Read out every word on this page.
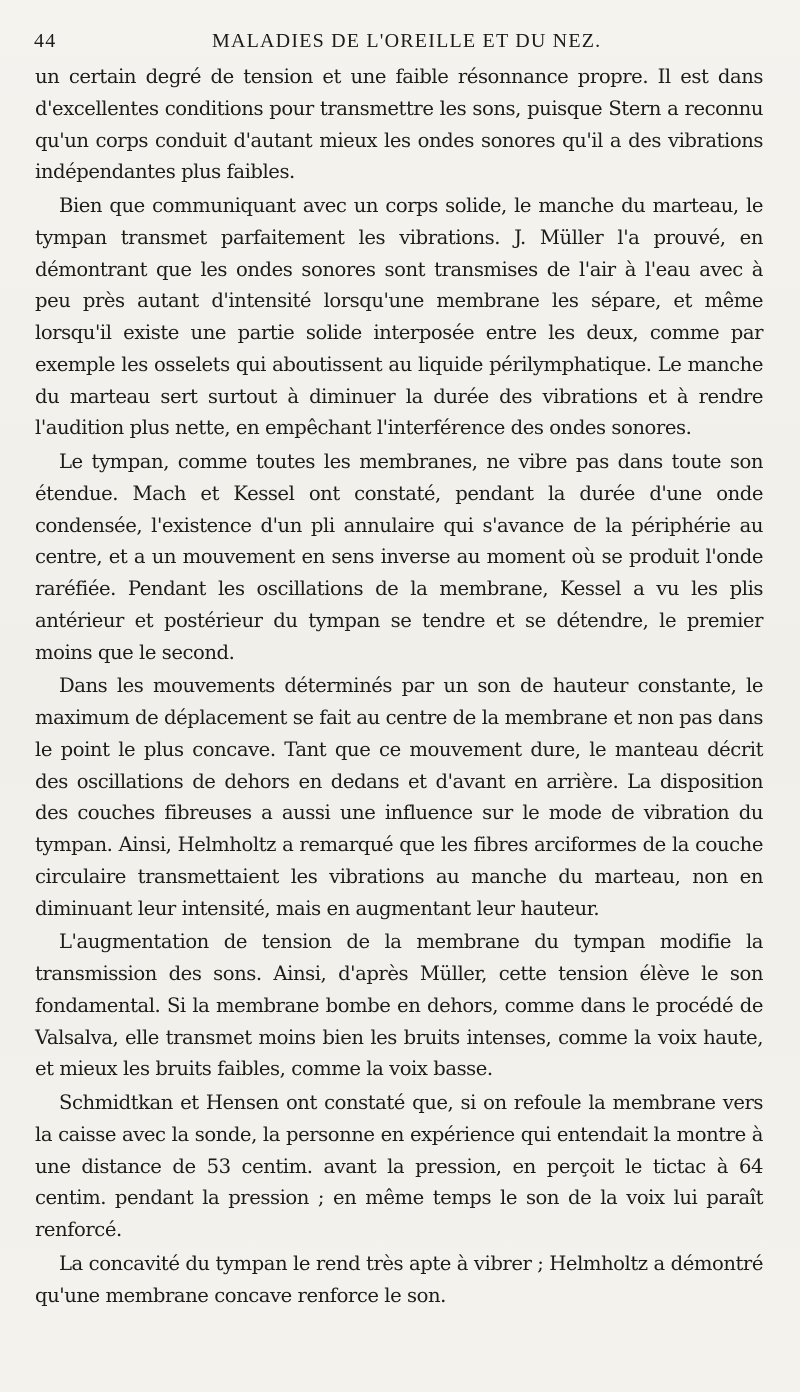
44	MALADIES DE L'OREILLE ET DU NEZ.

un certain degré de tension et une faible résonnance propre. Il est dans d'excellentes conditions pour transmettre les sons, puisque Stern a reconnu qu'un corps conduit d'autant mieux les ondes sonores qu'il a des vibrations indépendantes plus faibles.

Bien que communiquant avec un corps solide, le manche du marteau, le tympan transmet parfaitement les vibrations. J. Müller l'a prouvé, en démontrant que les ondes sonores sont transmises de l'air à l'eau avec à peu près autant d'intensité lorsqu'une membrane les sépare, et même lorsqu'il existe une partie solide interposée entre les deux, comme par exemple les osselets qui aboutissent au liquide périlymphatique. Le manche du marteau sert surtout à diminuer la durée des vibrations et à rendre l'audition plus nette, en empêchant l'interférence des ondes sonores.

Le tympan, comme toutes les membranes, ne vibre pas dans toute son étendue. Mach et Kessel ont constaté, pendant la durée d'une onde condensée, l'existence d'un pli annulaire qui s'avance de la périphérie au centre, et a un mouvement en sens inverse au moment où se produit l'onde raréfiée. Pendant les oscillations de la membrane, Kessel a vu les plis antérieur et postérieur du tympan se tendre et se détendre, le premier moins que le second.

Dans les mouvements déterminés par un son de hauteur constante, le maximum de déplacement se fait au centre de la membrane et non pas dans le point le plus concave. Tant que ce mouvement dure, le manteau décrit des oscillations de dehors en dedans et d'avant en arrière. La disposition des couches fibreuses a aussi une influence sur le mode de vibration du tympan. Ainsi, Helmholtz a remarqué que les fibres arciformes de la couche circulaire transmettaient les vibrations au manche du marteau, non en diminuant leur intensité, mais en augmentant leur hauteur.

L'augmentation de tension de la membrane du tympan modifie la transmission des sons. Ainsi, d'après Müller, cette tension élève le son fondamental. Si la membrane bombe en dehors, comme dans le procédé de Valsalva, elle transmet moins bien les bruits intenses, comme la voix haute, et mieux les bruits faibles, comme la voix basse.

Schmidtkan et Hensen ont constaté que, si on refoule la membrane vers la caisse avec la sonde, la personne en expérience qui entendait la montre à une distance de 53 centim. avant la pression, en perçoit le tictac à 64 centim. pendant la pression ; en même temps le son de la voix lui paraît renforcé.

La concavité du tympan le rend très apte à vibrer ; Helmholtz a démontré qu'une membrane concave renforce le son.
